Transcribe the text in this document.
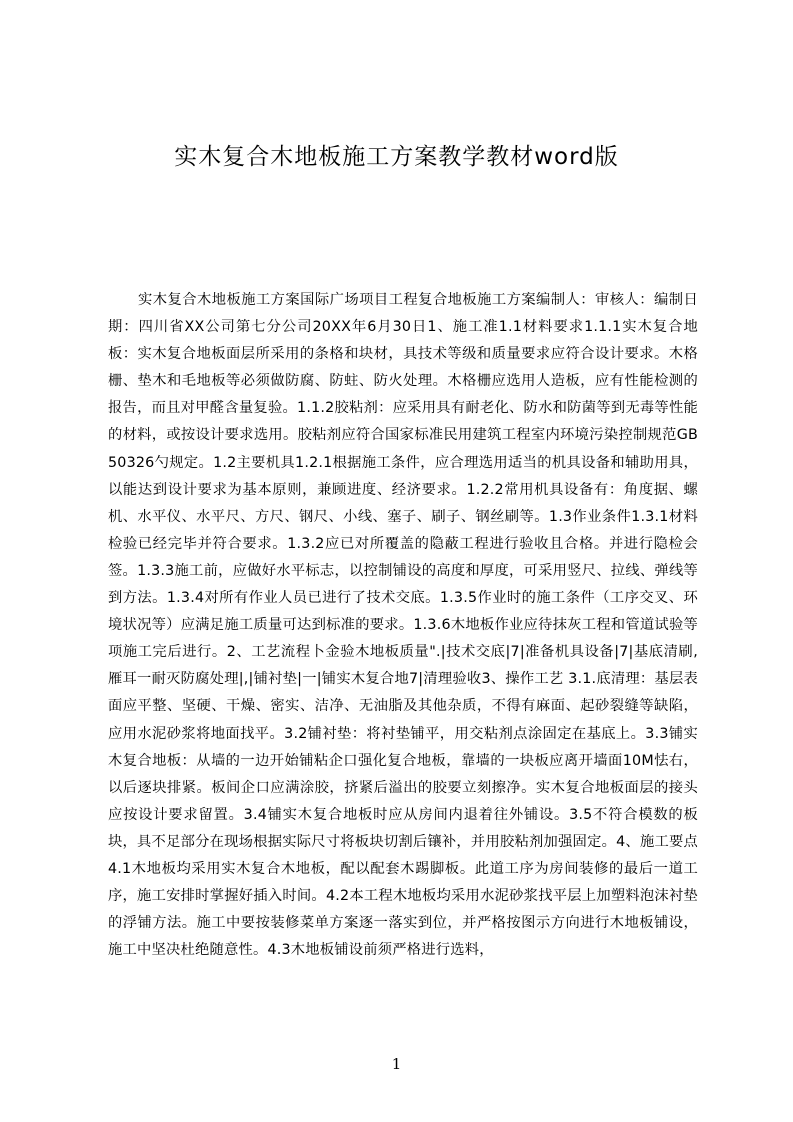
实木复合木地板施工方案教学教材word版

实木复合木地板施工方案国际广场项目工程复合地板施工方案编制人：审核人：编制日期：四川省XX公司第七分公司20XX年6月30日1、施工准1.1材料要求1.1.1实木复合地板：实木复合地板面层所采用的条格和块材，具技术等级和质量要求应符合设计要求。木格栅、垫木和毛地板等必须做防腐、防蛀、防火处理。木格栅应选用人造板，应有性能检测的报告，而且对甲醛含量复验。1.1.2胶粘剂：应采用具有耐老化、防水和防菌等到无毒等性能的材料，或按设计要求选用。胶粘剂应符合国家标准民用建筑工程室内环境污染控制规范GB50326勺规定。1.2主要机具1.2.1根据施工条件，应合理选用适当的机具设备和辅助用具，以能达到设计要求为基本原则，兼顾进度、经济要求。1.2.2常用机具设备有：角度据、螺机、水平仪、水平尺、方尺、钢尺、小线、塞子、刷子、钢丝刷等。1.3作业条件1.3.1材料检验已经完毕并符合要求。1.3.2应已对所覆盖的隐蔽工程进行验收且合格。并进行隐检会签。1.3.3施工前，应做好水平标志，以控制铺设的高度和厚度，可采用竖尺、拉线、弹线等到方法。1.3.4对所有作业人员已进行了技术交底。1.3.5作业时的施工条件（工序交叉、环境状况等）应满足施工质量可达到标准的要求。1.3.6木地板作业应待抹灰工程和管道试验等项施工完后进行。2、工艺流程卜金验木地板质量".|技术交底|7|准备机具设备|7|基底清刷,雁耳一耐灭防腐处理|,|铺衬垫|一|铺实木复合地7|清理验收3、操作工艺 3.1.底清理：基层表面应平整、坚硬、干燥、密实、洁净、无油脂及其他杂质，不得有麻面、起砂裂缝等缺陷，应用水泥砂浆将地面找平。3.2铺衬垫：将衬垫铺平，用交粘剂点涂固定在基底上。3.3铺实木复合地板：从墙的一边开始铺粘企口强化复合地板，靠墙的一块板应离开墙面10M怯右，以后逐块排紧。板间企口应满涂胶，挤紧后溢出的胶要立刻擦净。实木复合地板面层的接头应按设计要求留置。3.4铺实木复合地板时应从房间内退着往外铺设。3.5不符合模数的板块，具不足部分在现场根据实际尺寸将板块切割后镶补，并用胶粘剂加强固定。4、施工要点4.1木地板均采用实木复合木地板，配以配套木踢脚板。此道工序为房间装修的最后一道工序，施工安排时掌握好插入时间。4.2本工程木地板均采用水泥砂浆找平层上加塑料泡沫衬垫的浮铺方法。施工中要按装修菜单方案逐一落实到位，并严格按图示方向进行木地板铺设，施工中坚决杜绝随意性。4.3木地板铺设前须严格进行选料，

1
